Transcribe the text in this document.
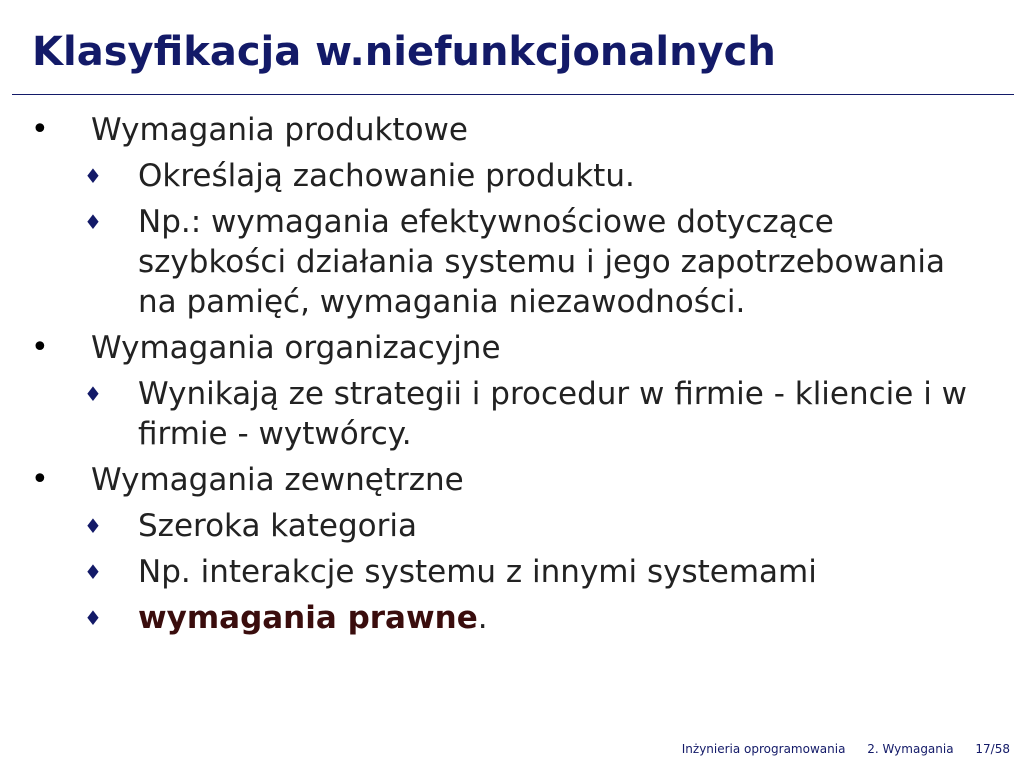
Klasyfikacja w.niefunkcjonalnych
• Wymagania produktowe
♦ Określają zachowanie produktu.
♦ Np.: wymagania efektywnościowe dotyczące szybkości działania systemu i jego zapotrzebowania na pamięć, wymagania niezawodności.
• Wymagania organizacyjne
♦ Wynikają ze strategii i procedur w firmie - kliencie i w firmie - wytwórcy.
• Wymagania zewnętrzne
♦ Szeroka kategoria
♦ Np. interakcje systemu z innymi systemami
♦ wymagania prawne.
Inżynieria oprogramowania 2. Wymagania 17/58
